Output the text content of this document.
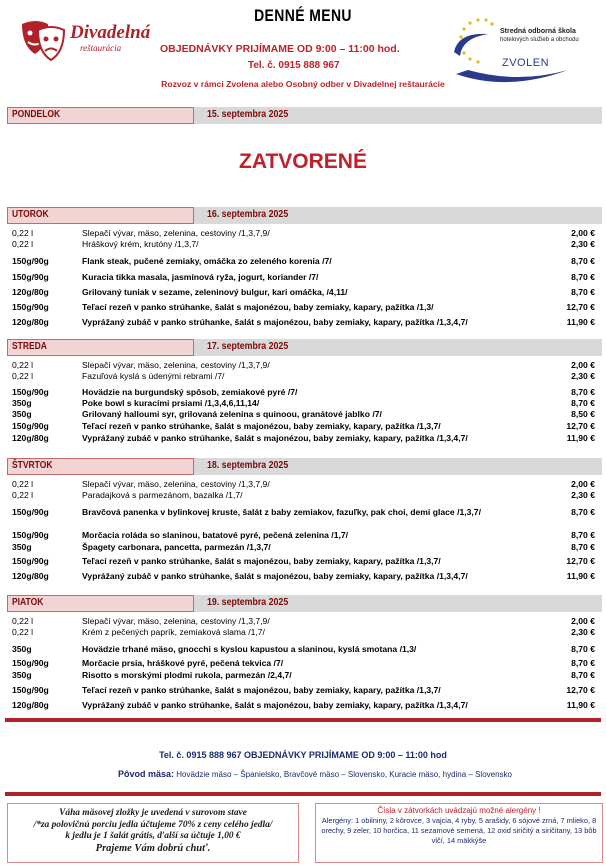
Divadelná
reštaurácia
DENNÉ MENU
OBJEDNÁVKY PRIJÍMAME OD 9:00 – 11:00 hod.
Tel. č. 0915 888 967
Rozvoz v rámci Zvolena alebo Osobný odber v Divadelnej reštaurácie
Stredná odborná škola
hotelových služieb a obchodu
ZVOLEN
PONDELOK	15. septembra 2025
ZATVORENÉ
UTOROK	16. septembra 2025
0,22 l	Slepačí vývar, mäso, zelenina, cestoviny /1,3,7,9/	2,00 €
0,22 l	Hráškový krém, krutóny /1,3,7/	2,30 €
150g/90g	Flank steak, pučené zemiaky, omáčka zo zeleného korenia /7/	8,70 €
150g/90g	Kuracia tikka masala, jasmínová ryža, jogurt, koriander /7/	8,70 €
120g/80g	Grilovaný tuniak v sezame, zeleninový bulgur, kari omáčka, /4,11/	8,70 €
150g/90g	Teľací rezeň v panko strúhanke, šalát s majonézou, baby zemiaky, kapary, pažítka /1,3/	12,70 €
120g/80g	Vyprážaný zubáč v panko strúhanke, šalát s majonézou, baby zemiaky, kapary, pažítka /1,3,4,7/	11,90 €
STREDA	17. septembra 2025
0,22 l	Slepačí vývar, mäso, zelenina, cestoviny /1,3,7,9/	2,00 €
0,22 l	Fazuľová kyslá s údenými rebrami /7/	2,30 €
150g/90g	Hovädzie na burgundský spôsob, zemiakové pyré /7/	8,70 €
350g	Poke bowl s kuracími prsiami /1,3,4,6,11,14/	8,70 €
350g	Grilovaný halloumi syr, grilovaná zelenina s quinoou, granátové jablko /7/	8,50 €
150g/90g	Teľací rezeň v panko strúhanke, šalát s majonézou, baby zemiaky, kapary, pažítka /1,3,7/	12,70 €
120g/80g	Vyprážaný zubáč v panko strúhanke, šalát s majonézou, baby zemiaky, kapary, pažítka /1,3,4,7/	11,90 €
ŠTVRTOK	18. septembra 2025
0,22 l	Slepačí vývar, mäso, zelenina, cestoviny /1,3,7,9/	2,00 €
0,22 l	Paradajková s parmezánom, bazalka /1,7/	2,30 €
150g/90g	Bravčová panenka v bylinkovej kruste, šalát z baby zemiakov, fazuľky, pak choi, demi glace /1,3,7/	8,70 €
150g/90g	Morčacia roláda so slaninou, batatové pyré, pečená zelenina /1,7/	8,70 €
350g	Špagety carbonara, pancetta, parmezán /1,3,7/	8,70 €
150g/90g	Teľací rezeň v panko strúhanke, šalát s majonézou, baby zemiaky, kapary, pažítka /1,3,7/	12,70 €
120g/80g	Vyprážaný zubáč v panko strúhanke, šalát s majonézou, baby zemiaky, kapary, pažítka /1,3,4,7/	11,90 €
PIATOK	19. septembra 2025
0,22 l	Slepačí vývar, mäso, zelenina, cestoviny /1,3,7,9/	2,00 €
0,22 l	Krém z pečených paprík, zemiaková slama /1,7/	2,30 €
350g	Hovädzie trhané mäso, gnocchi s kyslou kapustou a slaninou, kyslá smotana /1,3/	8,70 €
150g/90g	Morčacie prsia, hráškové pyré, pečená tekvica /7/	8,70 €
350g	Risotto s morskými plodmi rukola, parmezán /2,4,7/	8,70 €
150g/90g	Teľací rezeň v panko strúhanke, šalát s majonézou, baby zemiaky, kapary, pažítka /1,3,7/	12,70 €
120g/80g	Vyprážaný zubáč v panko strúhanke, šalát s majonézou, baby zemiaky, kapary, pažítka /1,3,4,7/	11,90 €
Tel. č. 0915 888 967 OBJEDNÁVKY PRIJÍMAME OD 9:00 – 11:00 hod
Pôvod mäsa: Hovädzie mäso – Španielsko, Bravčové mäso – Slovensko, Kuracie mäso, hydina – Slovensko
Váha mäsovej zložky je uvedená v surovom stave
/*za polovičnú porciu jedla účtujeme 70% z ceny celého jedla/
k jedlu je 1 šalát grátis, ďalší sa účtuje 1,00 €
Prajeme Vám dobrú chuť.
Čísla v zátvorkách uvádzajú možné alergény !
Alergény: 1 obilniny, 2 kôrovce, 3 vajcia, 4 ryby, 5 arašidy, 6 sójové zrná, 7 mlieko, 8 orechy, 9 zeler, 10 horčica, 11 sezamové semená, 12 oxid siričitý a siričitany, 13 bôb vlčí, 14 mäkkýše
